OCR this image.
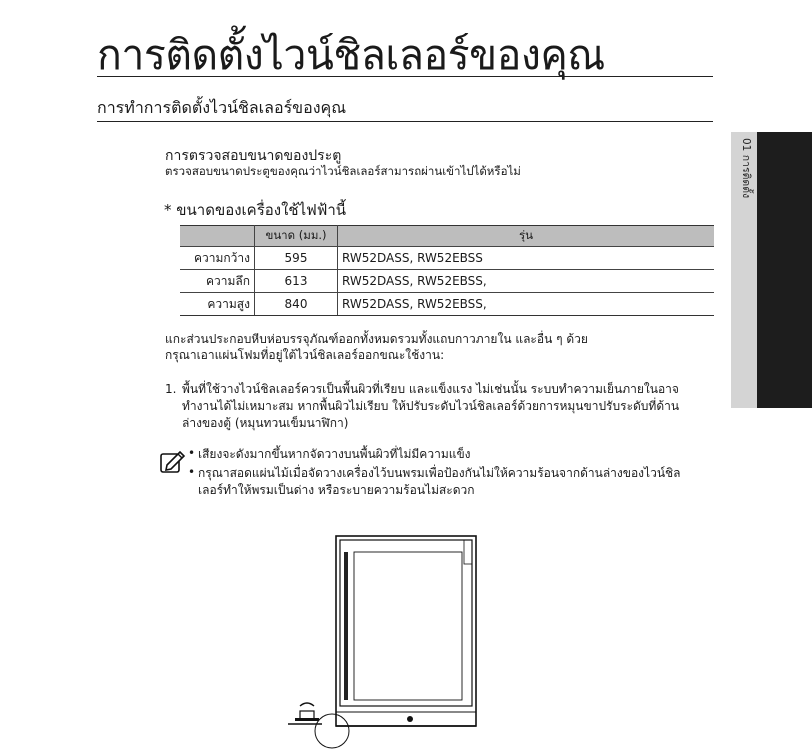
การติดตั้งไวน์ชิลเลอร์ของคุณ
การทำการติดตั้งไวน์ชิลเลอร์ของคุณ
01 การติดตั้ง
การตรวจสอบขนาดของประตู
ตรวจสอบขนาดประตูของคุณว่าไวน์ชิลเลอร์สามารถผ่านเข้าไปได้หรือไม่
* ขนาดของเครื่องใช้ไฟฟ้านี้
	ขนาด (มม.)	รุ่น
ความกว้าง	595	RW52DASS, RW52EBSS
ความลึก	613	RW52DASS, RW52EBSS,
ความสูง	840	RW52DASS, RW52EBSS,
แกะส่วนประกอบหีบห่อบรรจุภัณฑ์ออกทั้งหมดรวมทั้งแถบกาวภายใน และอื่น ๆ ด้วย
กรุณาเอาแผ่นโฟมที่อยู่ใต้ไวน์ชิลเลอร์ออกขณะใช้งาน:
1. พื้นที่ใช้วางไวน์ชิลเลอร์ควรเป็นพื้นผิวที่เรียบ และแข็งแรง ไม่เช่นนั้น ระบบทำความเย็นภายในอาจ
ทำงานได้ไม่เหมาะสม หากพื้นผิวไม่เรียบ ให้ปรับระดับไวน์ชิลเลอร์ด้วยการหมุนขาปรับระดับที่ด้าน
ล่างของตู้ (หมุนทวนเข็มนาฬิกา)
• เสียงจะดังมากขึ้นหากจัดวางบนพื้นผิวที่ไม่มีความแข็ง
• กรุณาสอดแผ่นไม้เมื่อจัดวางเครื่องไว้บนพรมเพื่อป้องกันไม่ให้ความร้อนจากด้านล่างของไวน์ชิล
เลอร์ทำให้พรมเป็นด่าง หรือระบายความร้อนไม่สะดวก
